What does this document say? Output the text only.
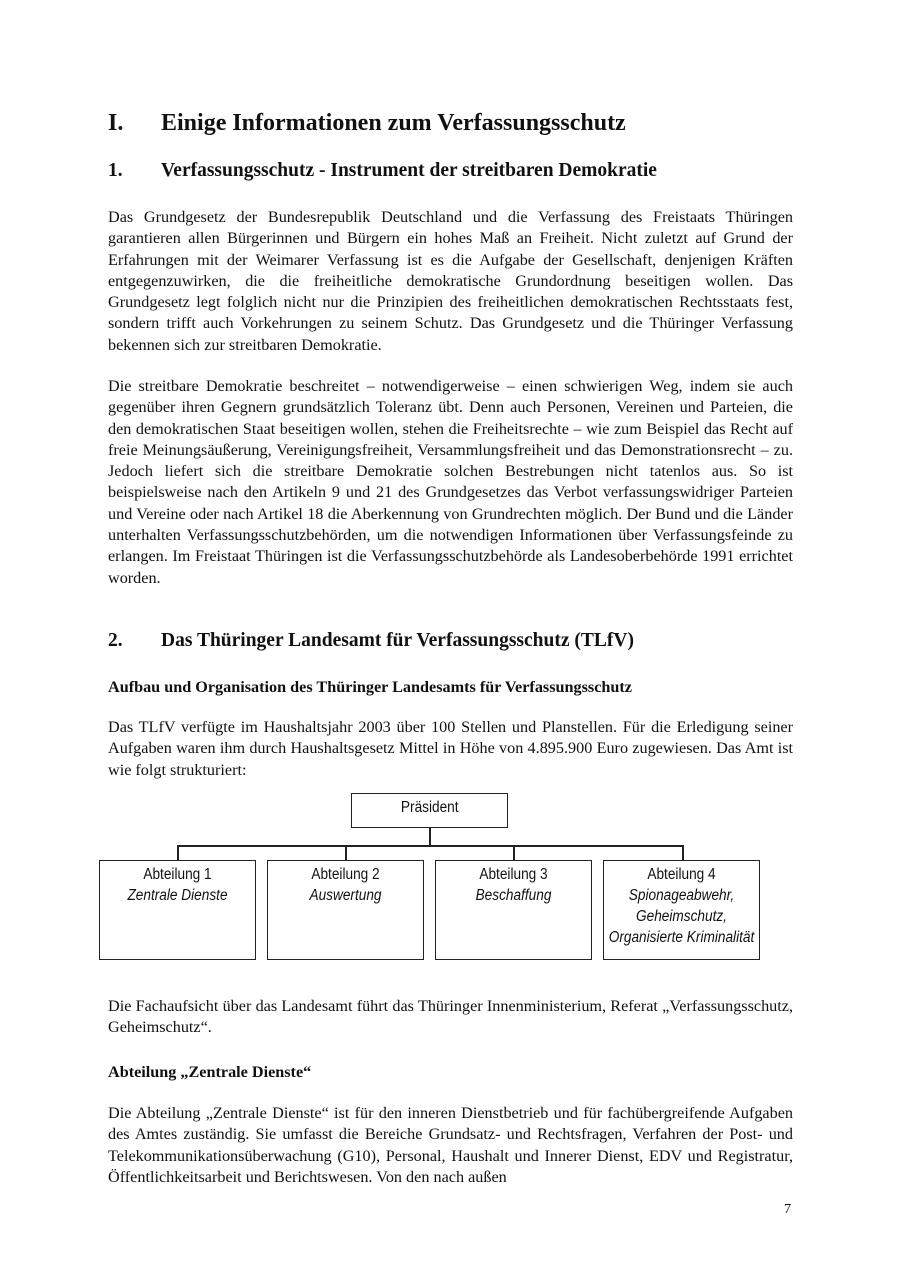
I. Einige Informationen zum Verfassungsschutz
1. Verfassungsschutz - Instrument der streitbaren Demokratie

Das Grundgesetz der Bundesrepublik Deutschland und die Verfassung des Freistaats Thüringen garantieren allen Bürgerinnen und Bürgern ein hohes Maß an Freiheit. Nicht zuletzt auf Grund der Erfahrungen mit der Weimarer Verfassung ist es die Aufgabe der Gesellschaft, denjenigen Kräften entgegenzuwirken, die die freiheitliche demokratische Grundordnung beseitigen wollen. Das Grundgesetz legt folglich nicht nur die Prinzipien des freiheitlichen demokratischen Rechtsstaats fest, sondern trifft auch Vorkehrungen zu seinem Schutz. Das Grundgesetz und die Thüringer Verfassung bekennen sich zur streitbaren Demokratie.

Die streitbare Demokratie beschreitet – notwendigerweise – einen schwierigen Weg, indem sie auch gegenüber ihren Gegnern grundsätzlich Toleranz übt. Denn auch Personen, Vereinen und Parteien, die den demokratischen Staat beseitigen wollen, stehen die Freiheitsrechte – wie zum Beispiel das Recht auf freie Meinungsäußerung, Vereinigungsfreiheit, Versammlungsfreiheit und das Demonstrationsrecht – zu. Jedoch liefert sich die streitbare Demokratie solchen Bestrebungen nicht tatenlos aus. So ist beispielsweise nach den Artikeln 9 und 21 des Grundgesetzes das Verbot verfassungswidriger Parteien und Vereine oder nach Artikel 18 die Aberkennung von Grundrechten möglich. Der Bund und die Länder unterhalten Verfassungsschutzbehörden, um die notwendigen Informationen über Verfassungsfeinde zu erlangen. Im Freistaat Thüringen ist die Verfassungsschutzbehörde als Landesoberbehörde 1991 errichtet worden.

2. Das Thüringer Landesamt für Verfassungsschutz (TLfV)
Aufbau und Organisation des Thüringer Landesamts für Verfassungsschutz

Das TLfV verfügte im Haushaltsjahr 2003 über 100 Stellen und Planstellen. Für die Erledigung seiner Aufgaben waren ihm durch Haushaltsgesetz Mittel in Höhe von 4.895.900 Euro zugewiesen. Das Amt ist wie folgt strukturiert:

Die Fachaufsicht über das Landesamt führt das Thüringer Innenministerium, Referat „Verfassungsschutz, Geheimschutz“.

Abteilung „Zentrale Dienste“

Die Abteilung „Zentrale Dienste“ ist für den inneren Dienstbetrieb und für fachübergreifende Aufgaben des Amtes zuständig. Sie umfasst die Bereiche Grundsatz- und Rechtsfragen, Verfahren der Post- und Telekommunikationsüberwachung (G10), Personal, Haushalt und Innerer Dienst, EDV und Registratur, Öffentlichkeitsarbeit und Berichtswesen. Von den nach außen

Präsident
Abteilung 1
Zentrale Dienste
Abteilung 2
Auswertung
Abteilung 3
Beschaffung
Abteilung 4
Spionageabwehr,
Geheimschutz,
Organisierte Kriminalität
7
